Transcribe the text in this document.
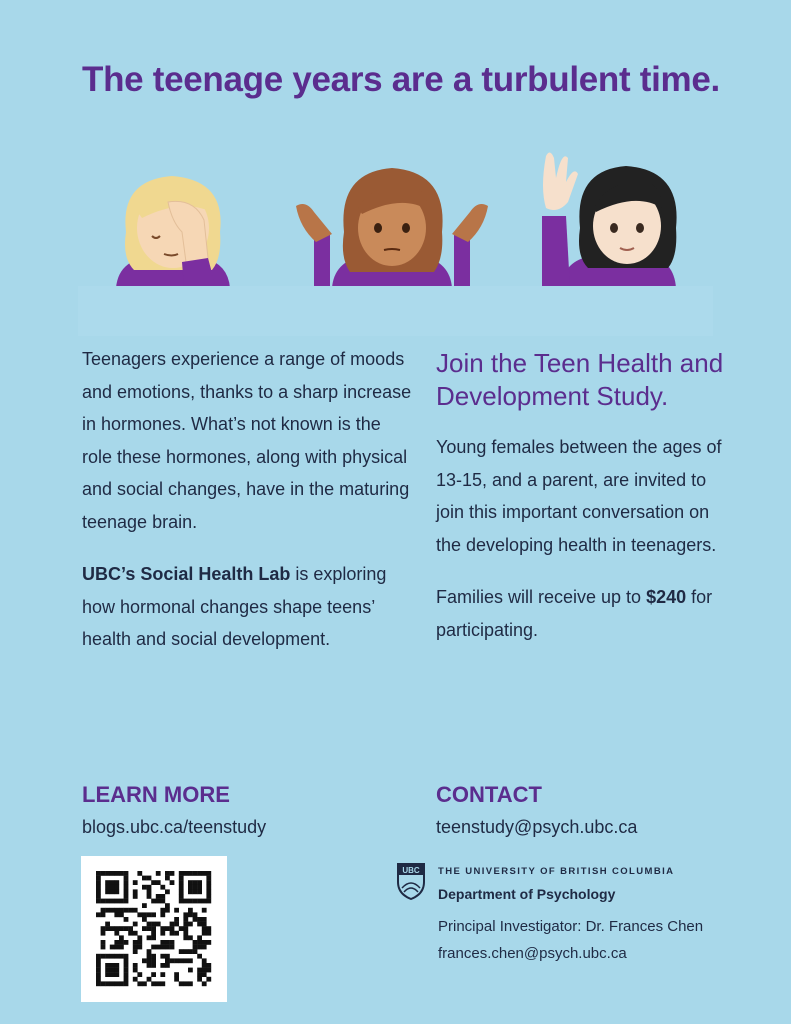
The teenage years are a turbulent time.

Teenagers experience a range of moods and emotions, thanks to a sharp increase in hormones. What’s not known is the role these hormones, along with physical and social changes, have in the maturing teenage brain.

UBC’s Social Health Lab is exploring how hormonal changes shape teens’ health and social development.

Join the Teen Health and Development Study.

Young females between the ages of 13-15, and a parent, are invited to join this important conversation on the developing health in teenagers.

Families will receive up to $240 for participating.

LEARN MORE
blogs.ubc.ca/teenstudy
CONTACT
teenstudy@psych.ubc.ca
UBC THE UNIVERSITY OF BRITISH COLUMBIA
Department of Psychology
Principal Investigator: Dr. Frances Chen
frances.chen@psych.ubc.ca
